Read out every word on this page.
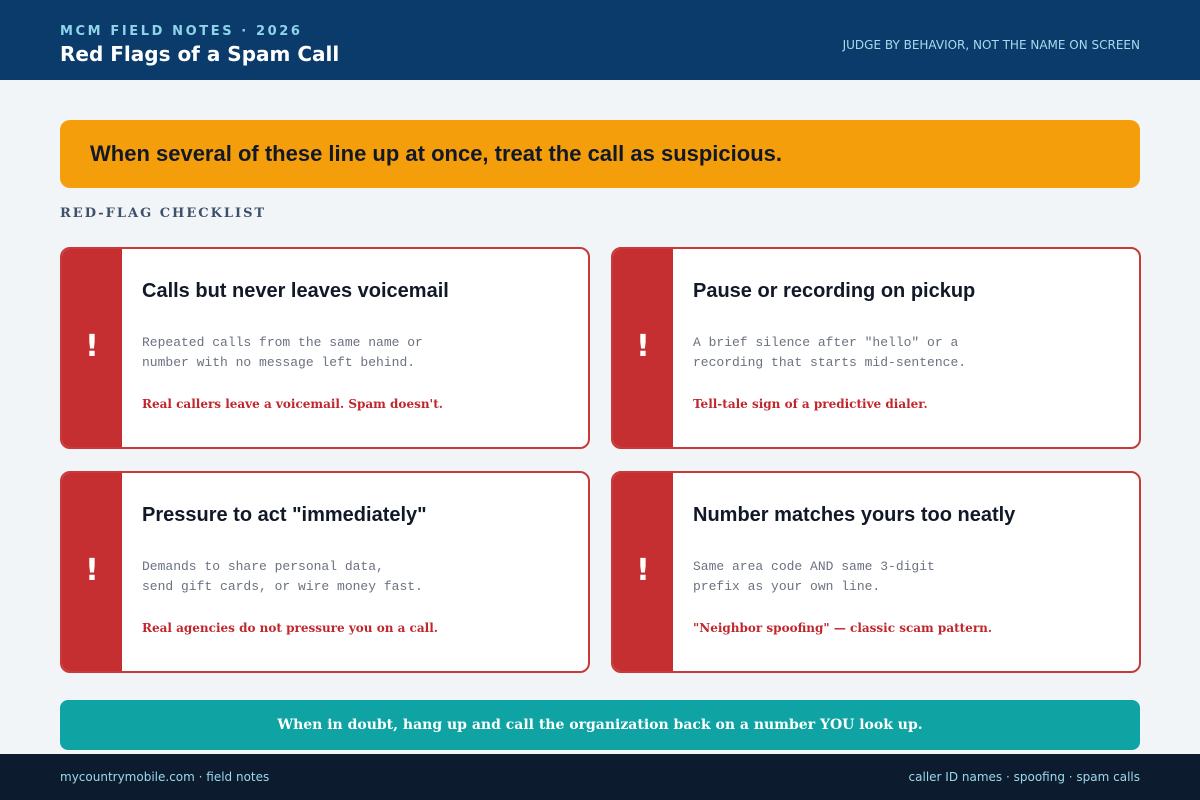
MCM FIELD NOTES · 2026
Red Flags of a Spam Call	JUDGE BY BEHAVIOR, NOT THE NAME ON SCREEN
When several of these line up at once, treat the call as suspicious.
RED-FLAG CHECKLIST
!
Calls but never leaves voicemail
Repeated calls from the same name or
number with no message left behind.
Real callers leave a voicemail. Spam doesn't.
!
Pause or recording on pickup
A brief silence after "hello" or a
recording that starts mid-sentence.
Tell-tale sign of a predictive dialer.
!
Pressure to act "immediately"
Demands to share personal data,
send gift cards, or wire money fast.
Real agencies do not pressure you on a call.
!
Number matches yours too neatly
Same area code AND same 3-digit
prefix as your own line.
"Neighbor spoofing" — classic scam pattern.
When in doubt, hang up and call the organization back on a number YOU look up.
mycountrymobile.com · field notes	caller ID names · spoofing · spam calls
